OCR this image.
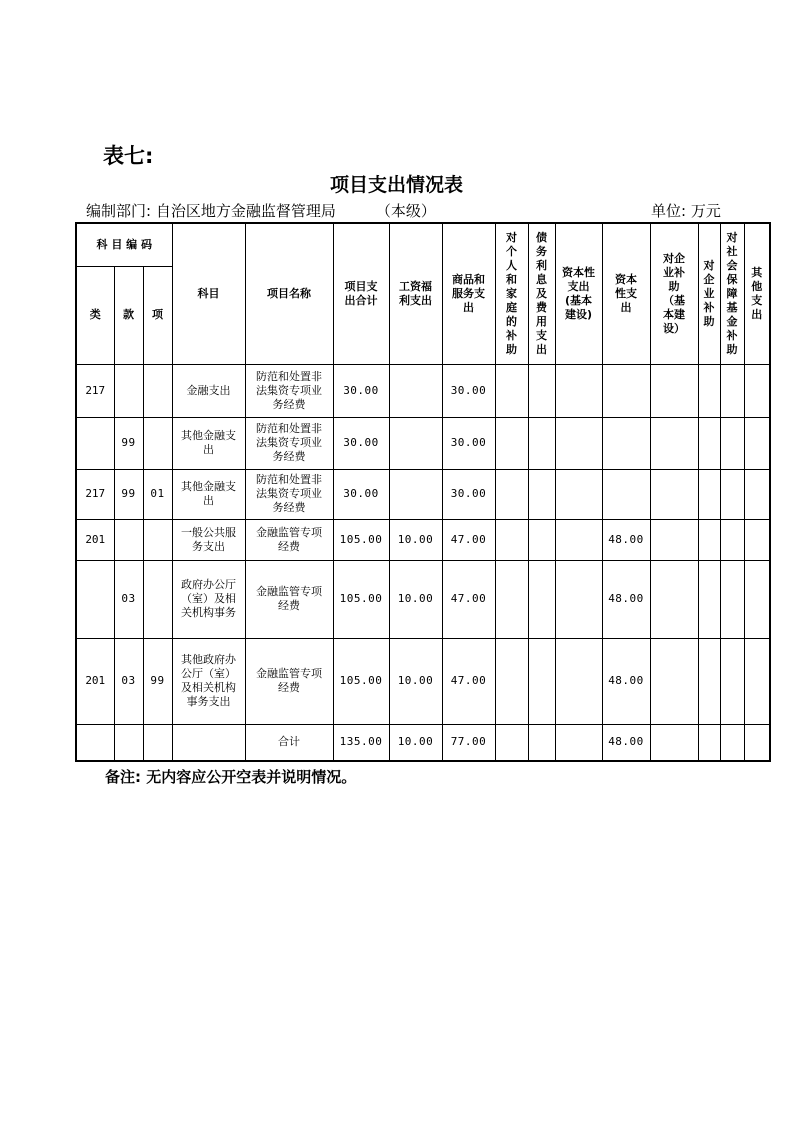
表七:
项目支出情况表
编制部门: 自治区地方金融监督管理局	（本级）	单位: 万元
科 目 编 码			科目	项目名称	项目支出合计	工资福利支出	商品和服务支出	对个人和家庭的补助	债务利息及费用支出	资本性支出(基本建设)	资本性支出	对企业补助（基本建设）	对企业补助	对社会保障基金补助	其他支出
类	款	项													
217			金融支出	防范和处置非法集资专项业务经费	30.00		30.00								
	99		其他金融支出	防范和处置非法集资专项业务经费	30.00		30.00								
217	99	01	其他金融支出	防范和处置非法集资专项业务经费	30.00		30.00								
201			一般公共服务支出	金融监管专项经费	105.00	10.00	47.00				48.00				
	03		政府办公厅（室）及相关机构事务	金融监管专项经费	105.00	10.00	47.00				48.00				
201	03	99	其他政府办公厅（室）及相关机构事务支出	金融监管专项经费	105.00	10.00	47.00				48.00				
				合计	135.00	10.00	77.00				48.00				
备注: 无内容应公开空表并说明情况。
